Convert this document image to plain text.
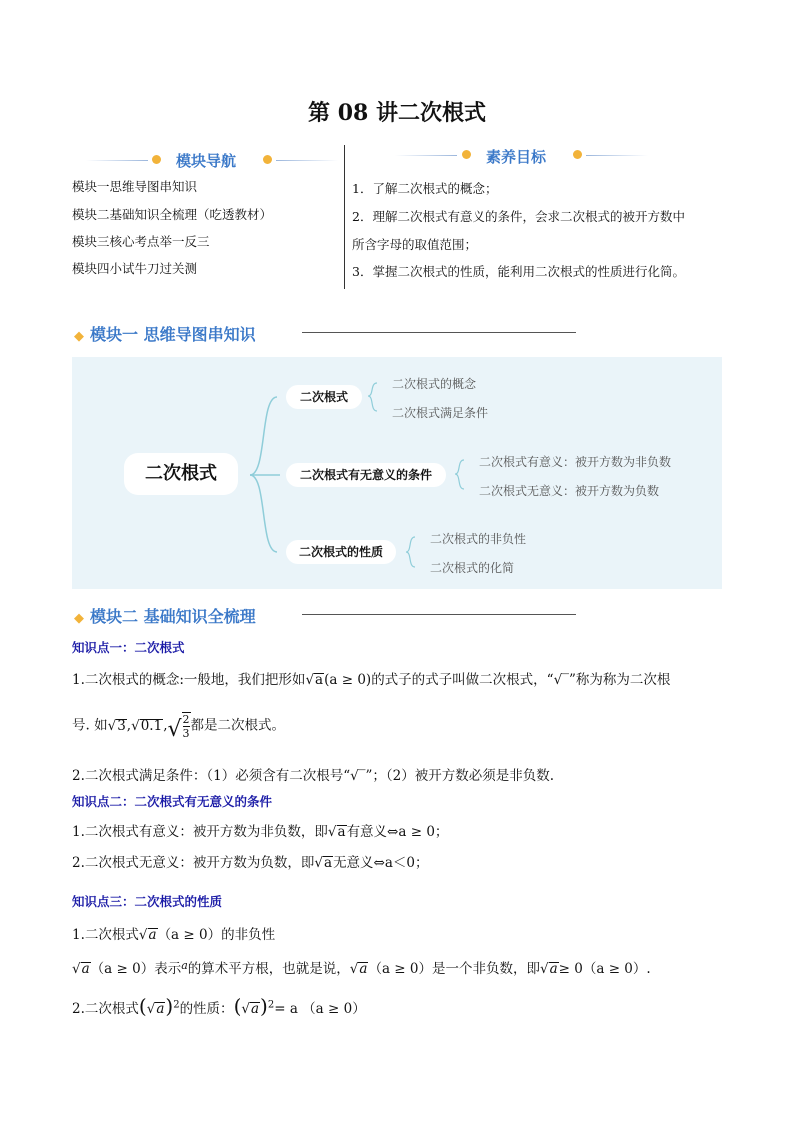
第 08 讲二次根式
模块导航	素养目标
模块一思维导图串知识
模块二基础知识全梳理（吃透教材）
模块三核心考点举一反三
模块四小试牛刀过关测
1．了解二次根式的概念；
2．理解二次根式有意义的条件，会求二次根式的被开方数中
所含字母的取值范围；
3．掌握二次根式的性质，能利用二次根式的性质进行化简。
◆ 模块一 思维导图串知识
二次根式
二次根式
二次根式有无意义的条件
二次根式的性质
二次根式的概念
二次根式满足条件
二次根式有意义：被开方数为非负数
二次根式无意义：被开方数为负数
二次根式的非负性
二次根式的化简
◆ 模块二 基础知识全梳理
知识点一：二次根式
1.二次根式的概念:一般地，我们把形如√a(a ≥ 0)的式子的式子叫做二次根式，“√‾”称为称为二次根
号. 如$√3,√0.1,√ \frac{2}{3}$ 都是二次根式。
2.二次根式满足条件：（1）必须含有二次根号“√‾”；（2）被开方数必须是非负数.
知识点二：二次根式有无意义的条件
1.二次根式有意义：被开方数为非负数，即√a有意义⇔a ≥ 0；
2.二次根式无意义：被开方数为负数，即√a无意义⇔a＜0；
知识点三：二次根式的性质
1.二次根式√a（a ≥ 0）的非负性
√a（a ≥ 0）表示$^a$的算术平方根，也就是说，√a（a ≥ 0）是一个非负数，即√a≥ 0（a ≥ 0）.
2.二次根式$(√a)^2$的性质：$(√a)^2= a$ （a ≥ 0）
